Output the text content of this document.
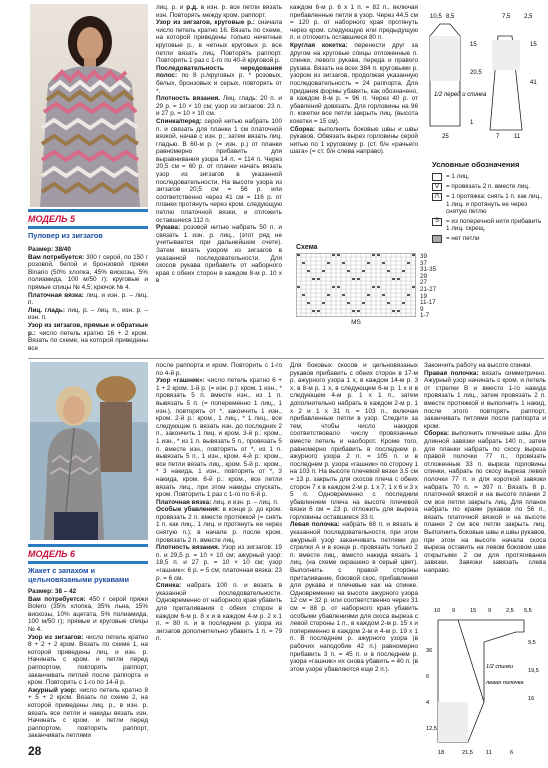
МОДЕЛЬ 5
Пуловер из зигзагов

Размер: 38/40

Вам потребуется: 300 г серой, по 150 г розовой, белой и бронзовой пряжи Binario (50% хлопка, 45% вискозы, 5% полиамида, 100 м/50 г); круговые и прямые спицы № 4,5; крючок № 4.

Платочная вязка: лиц. и изн. р. – лиц. п.

Лиц. гладь: лиц. р. – лиц. п., изн. р. – изн. п.

Узор из зигзагов, прямые и обратные р.: число петель кратно 16 + 2 кром. Вязать по схеме, на которой приведены все

лиц. р. и р.д. в изн. р. все петли вязать изн. Повторять между кром. раппорт.

Узор из зигзагов, круговые р.: сначала число петель кратно 16. Вязать по схеме, на которой приведены только нечетные круговые р., в четных круговых р. все петли вязать лиц. Повторять раппорт. Повторить 1 раз с 1-го по 40-й круговой р.

Последовательность чередования полос: по 8 р./круговых р. * розовых, белых, бронзовых и серых, повторять от *.

Плотность вязания. Лиц. гладь: 20 п. и 29 р. = 10 × 10 см; узор из зигзагов: 23 п. и 27 р. = 10 × 10 см.

Спинка/перед: серой нитью набрать 100 п. и связать для планки 1 см платочной вязкой, начав с изн. р.; затем вязать лиц. гладью. В 60-м р. (= изн. р.) от планки равномерно прибавить для выравнивания узора 14 п. = 114 п. Через 20,5 см = 60 р. от планки начать вязать узор из зигзагов в указанной последовательности. На высоте узора из зигзагов 20,5 см = 56 р. или соответственно через 41 см = 116 р. от планки протянуть через кром. следующую петлю платочной вязки, и отложить оставшиеся 112 п.

Рукава: розовой нитью набрать 50 п. и связать 1 изн. р. лиц., (этот ряд не учитывается при дальнейшем счете). Затем вязать узором из зигзагов в указанной последовательности. Для скосов рукава прибавить от наборного края с обеих сторон в каждом 8-м р. 10 х в

каждом 6-м р. 6 х 1 п. = 82 п., включая прибавленные петли в узор. Через 44,5 см = 120 р. от наборного края протянуть через кром. следующую или предыдущую п. и отложить оставшиеся 80 п.

Круглая кокетка: перенести друг за другом на круговые спицы отложенные п. спинки, левого рукава, переда и правого рукава. Вязать на всех 384 п. круговыми р. узором из зигзагов, продолжая указанную последовательность = 24 раппорта. Для придания формы убавить, как обозначено, в каждом 8-м р. = 96 п. Через 40 р. от убавлений довязать. Для горловины на 96 п. кокетки все петли закрыть лиц. (высота кокетки = 15 см).

Сборка: выполнить боковые швы и швы рукавов. Обвязать вырез горловины серой нитью по 1 круговому р. (ст. б/н «рачьего шага» (= ст. б/н слева направо).

10,5 8,5	7,5 2,5
15
20,5
41
15
1
25	7 11
1/2 перед и спинка
Схема
MS
39
37
31-35
29
27
21-27
19
11-17
9
1-7
Условные обозначения
= 1 лиц.
⋁	= провязать 2 п. вместе лиц.
⋀	= 1 протяжка: снять 1 п. как лиц., 1 лиц. и протянуть ее через снятую петлю
S	= из поперечной нити прибавить 1 лиц. скрещ.
= нет петли
МОДЕЛЬ 6
Жакет с запахом и цельновязаными рукавами

Размер: 38 – 42

Вам потребуется: 450 г серой пряжи Bolero (35% хлопка, 35% льна, 15% вискозы, 10% ацетата, 5% полиамида, 100 м/50 г); прямые и круговые спицы № 4.

Узор из зигзагов: число петель кратно 8 + 2 + 2 кром. Вязать по схеме 1, на которой приведены лиц. и изн. р. Начинать с кром. и петли перед раппортом, повторять раппорт, заканчивать петлей после раппорта и кром. Повторять с 1-го по 14-й р.

Ажурный узор: число петель кратно 8 + 5 + 2 кром. Вязать по схеме 2, на которой приведены лиц. р., в изн. р. вязать все петли и накиды вязать изн. Начинать с кром. и петли перед раппортом, повторять раппорт, заканчивать петлями

после раппорта и кром. Повторить с 1-го по 4-й р.

Узор «гашник»: число петель кратно 6 + 1 + 2 кром. 1-й р. (= изн. р.): кром. 1 изн., * провязать 5 п. вместе изн., из 1 п. вывязать 5 п. (= попеременно 1 лиц., 1 изн.), повторять от *, закончить 1 изн., кром. 2-й р.: кром., 1 лиц., * 1 лиц., все следующие п. вязать изн. до последних 2 п., закончить 1 лиц. и кром. 3-й р.: кром., 1 изн., * из 1 п. вывязать 5 п., провязать 5 п. вместе изн., повторять от *, из 1 п. вывязать 5 п., 1 изн., кром. 4-й р.: кром., все петли вязать лиц., кром. 5-й р.: кром., * 3 накида, 1 изн., повторять от *, 3 накида, кром. 6-й р.: кром., все петли вязать лиц., при этом накиды спускать, кром. Повторить 1 раз с 1-го по 6-й р.

Платочная вязка: лиц. и изн. р. – лиц. п.

Особые убавления: в конце р. до кром. провязать 2 п. вместе протяжкой (= снять 1 п. как лиц., 1 лиц. и протянуть ее через снятую п.); в начале р. после кром. провязать 2 п. вместе лиц.

Плотность вязания. Узор из зигзагов: 19 п. и 29,5 р. = 10 × 10 см; ажурный узор: 18,5 п. и 27 р. = 10 × 10 см; узор «гашник»: 6 р. = 5 см; платочная вязка: 23 р. = 6 см.

Спинка: набрать 100 п. и вязать в указанной последовательности. Одновременно от наборного края убавить для приталивания с обеих сторон в каждом 6-м р. 8 х и в каждом 4-м р. 2 х 1 п. = 80 п. и в последнем р. узора из зигзагов дополнительно убавить 1 п. = 79 п.

Для боковых скосов и цельновязаных рукавов прибавить с обеих сторон в 17-м р. ажурного узора 1 х, в каждом 14-м р. 3 х, в 8-м р. 1 х, в следующем 6-м р. 1 х и в следующем 4-м р. 1 х 1 п., затем дополнительно набрать в каждом 2-м р. 1 х 2 и 1 х 31 п. = 103 п., включая прибавленные петли в узор. Следите за тем, чтобы число накидов соответствовало числу провязанных вместе петель и наоборот. Кроме того, равномерно прибавить в последнем р. ажурного узора 2 п. = 105 п. и в последнем р. узора «гашник» по сторону 1 на 103 п. На высоте плечевой вязки 3,5 см = 13 р. закрыть для скосов плеча с обеих сторон 7 х в каждом 2-м р. 1 х 7, 1 х 6 и 3 х 5 п. Одновременно с последним убавлением плеча на высоте плечевой вязки 6 см = 23 р. отложить для выреза горловины оставшиеся 33 п.

Левая полочка: набрать 68 п. и вязать в указанной последовательности, при этом ажурный узор заканчивать петлями до стрелки А и в конце р. провязать только 2 п. вместе лиц., вместо накида вязать 1 лиц. (на схеме окрашено в серый цвет). Выполнить с правой стороны приталивание, боковой скос, прибавления для рукава и плечевые как на спинке. Одновременно на высоте ажурного узора 12 см = 32 р. или соответственно через 31 см = 88 р. от наборного края убавить особыми убавлениями для скоса выреза с левой стороны 1 п., в каждом 2-м р. 15 х и попеременно в каждом 2-м и 4-м р. 19 х 1 п. В последнем р. ажурного узора (в рабочих наподобие 42 п.) равномерно прибавить 3 п. = 45 п. и в последнем р. узора «гашник» их снова убавить = 40 п. (в этом узоре убавляются еще 2 п.).

Закончить работу на высоте спинки.

Правая полочка: вязать симметрично. Ажурный узор начинать с кром. и петель от стрелки В и вместо 1-го накида провязать 1 лиц., затем провязать 2 п. вместе протяжкой и выполнить 1 накид, после этого повторять раппорт, заканчивать петлями после раппорта и кром.

Сборка: выполнить плечевые швы. Для длинной завязки набрать 140 п., затем для планки набрать по скосу выреза правой полочки 77 п., провязать отложенные 33 п. выреза горловины спинки, набрать по скосу выреза левой полочки 77 п. и для короткой завязки набрать 70 п. = 397 п. Вязать 8 р. платочной вязкой и на высоте планки 2 см все петли закрыть лиц. Для планок набрать по краям рукавов по 56 п., вязать платочной вязкой и на высоте планки 2 см все петли закрыть лиц. Выполнить боковые швы и швы рукавов, при этом на высоте начала скоса выреза оставить на левом боковом шве открытыми 2 см для протягивания завязки. Завязки завязать слева направо.

10 9	15 9	2,5 5,5
36
6
4
12,5
18	21,5 11	6
9,5
19,5
16
1/2 спинки
левая полочка
28
